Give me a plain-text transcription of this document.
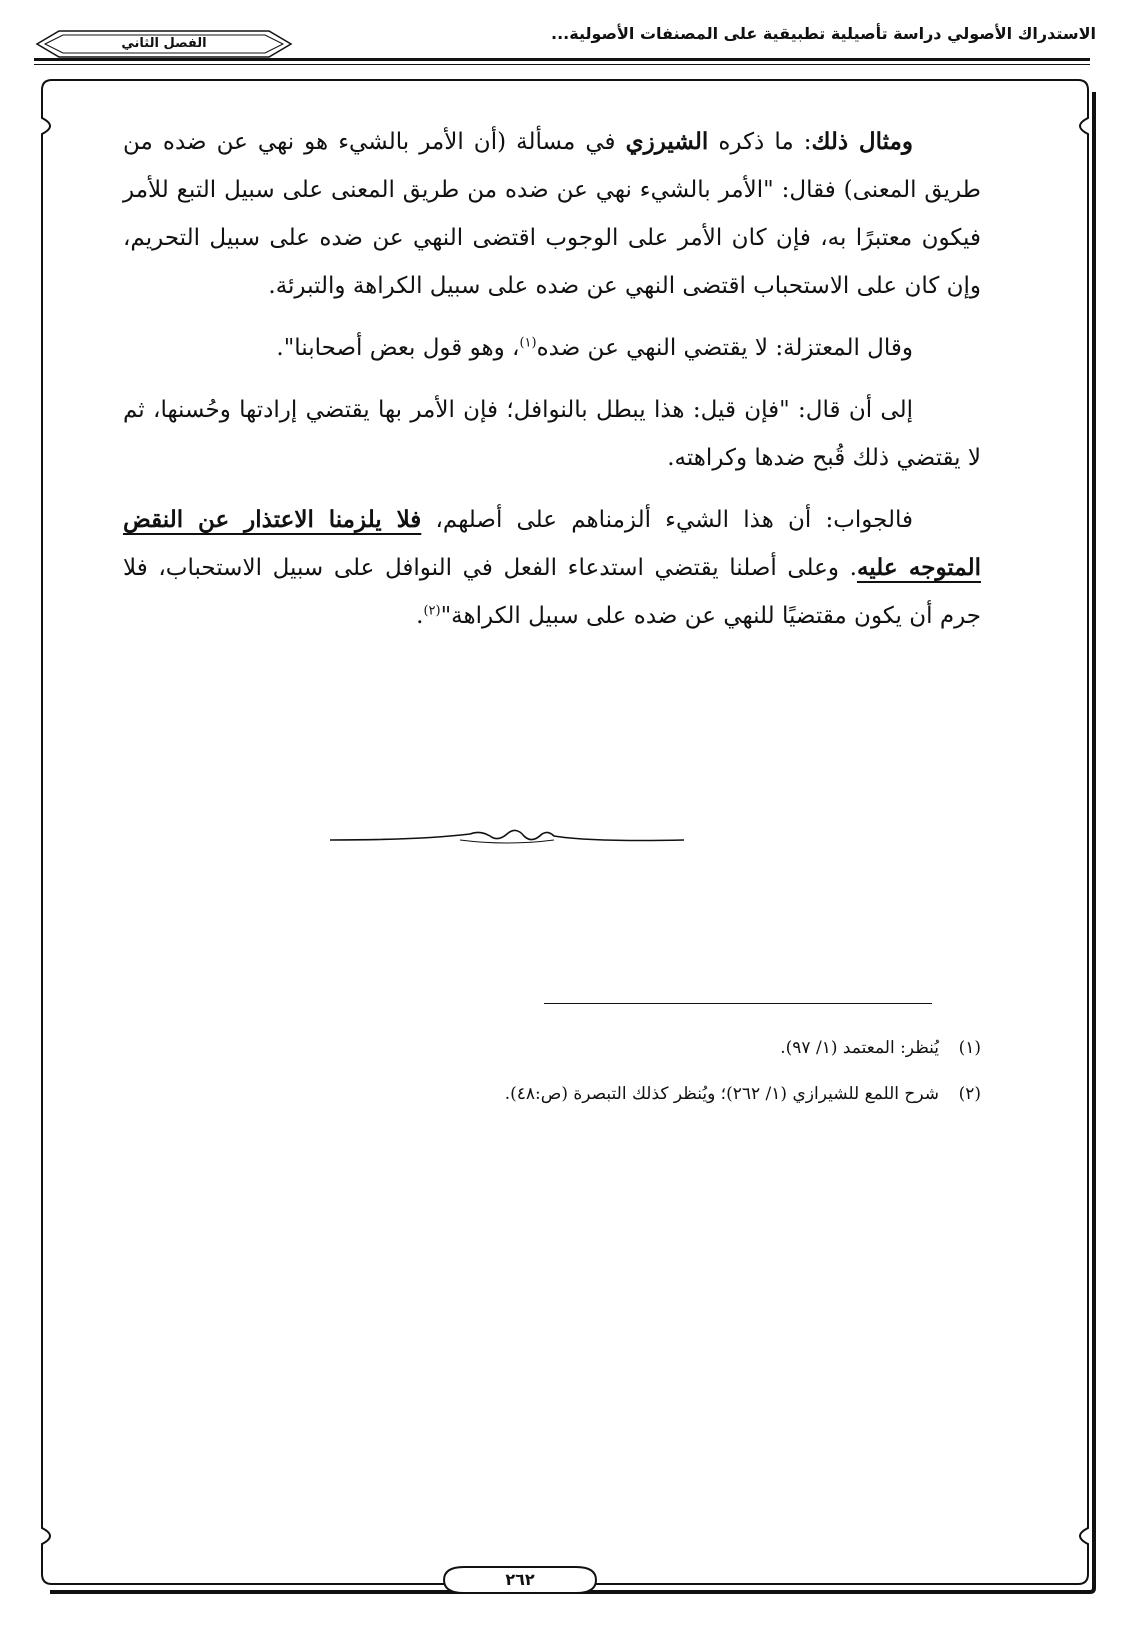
الاستدراك الأصولي دراسة تأصيلية تطبيقية على المصنفات الأصولية...
الفصل الثاني

ومثال ذلك: ما ذكره الشيرزي في مسألة (أن الأمر بالشيء هو نهي عن ضده من طريق المعنى) فقال: "الأمر بالشيء نهي عن ضده من طريق المعنى على سبيل التبع للأمر فيكون معتبرًا به، فإن كان الأمر على الوجوب اقتضى النهي عن ضده على سبيل التحريم، وإن كان على الاستحباب اقتضى النهي عن ضده على سبيل الكراهة والتبرئة.

وقال المعتزلة: لا يقتضي النهي عن ضده$^{(١)}$، وهو قول بعض أصحابنا".

إلى أن قال: "فإن قيل: هذا يبطل بالنوافل؛ فإن الأمر بها يقتضي إرادتها وحُسنها، ثم لا يقتضي ذلك قُبح ضدها وكراهته.

فالجواب: أن هذا الشيء ألزمناهم على أصلهم، فلا يلزمنا الاعتذار عن النقض المتوجه عليه. وعلى أصلنا يقتضي استدعاء الفعل في النوافل على سبيل الاستحباب، فلا جرم أن يكون مقتضيًا للنهي عن ضده على سبيل الكراهة"$^{(٢)}$.

(١)يُنظر: المعتمد (١/ ٩٧).
(٢)شرح اللمع للشيرازي (١/ ٢٦٢)؛ ويُنظر كذلك التبصرة (ص:٤٨).
٢٦٢
